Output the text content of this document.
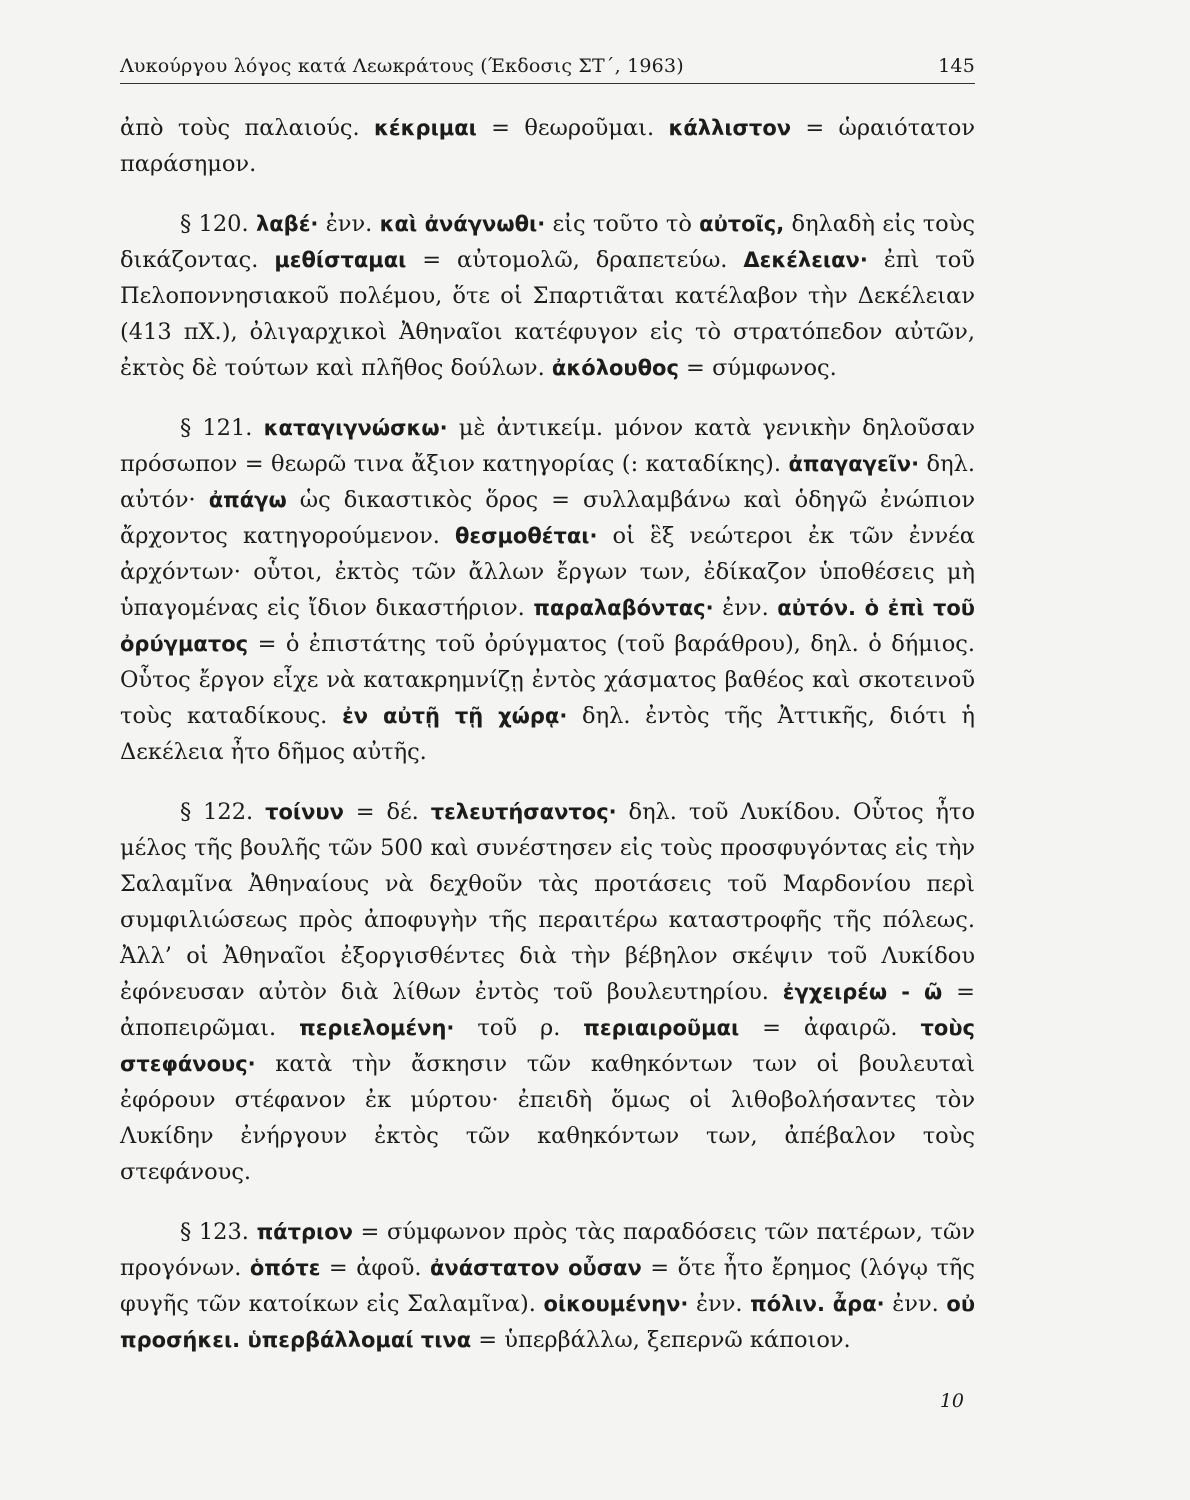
Λυκούργου λόγος κατά Λεωκράτους (Έκδοσις ΣΤ΄, 1963)	145

ἀπὸ τοὺς παλαιούς. κέκριμαι = θεωροῦμαι. κάλλιστον = ὡραιότατον παράσημον.

§ 120. λαβέ· ἐνν. καὶ ἀνάγνωθι· εἰς τοῦτο τὸ αὐτοῖς, δηλαδὴ εἰς τοὺς δικάζοντας. μεθίσταμαι = αὐτομολῶ, δραπετεύω. Δεκέλειαν· ἐπὶ τοῦ Πελοποννησιακοῦ πολέμου, ὅτε οἱ Σπαρτιᾶται κατέλαβον τὴν Δεκέλειαν (413 πΧ.), ὀλιγαρχικοὶ Ἀθηναῖοι κατέφυγον εἰς τὸ στρατόπεδον αὐτῶν, ἐκτὸς δὲ τούτων καὶ πλῆθος δούλων. ἀκόλουθος = σύμφωνος.

§ 121. καταγιγνώσκω· μὲ ἀντικείμ. μόνον κατὰ γενικὴν δηλοῦσαν πρόσωπον = θεωρῶ τινα ἄξιον κατηγορίας (: καταδίκης). ἀπαγαγεῖν· δηλ. αὐτόν· ἀπάγω ὡς δικαστικὸς ὅρος = συλλαμβάνω καὶ ὁδηγῶ ἐνώπιον ἄρχοντος κατηγορούμενον. θεσμοθέται· οἱ ἓξ νεώτεροι ἐκ τῶν ἐννέα ἀρχόντων· οὗτοι, ἐκτὸς τῶν ἄλλων ἔργων των, ἐδίκαζον ὑποθέσεις μὴ ὑπαγομένας εἰς ἴδιον δικαστήριον. παραλαβόντας· ἐνν. αὐτόν. ὁ ἐπὶ τοῦ ὀρύγματος = ὁ ἐπιστάτης τοῦ ὀρύγματος (τοῦ βαράθρου), δηλ. ὁ δήμιος. Οὗτος ἔργον εἶχε νὰ κατακρημνίζῃ ἐντὸς χάσματος βαθέος καὶ σκοτεινοῦ τοὺς καταδίκους. ἐν αὐτῇ τῇ χώρᾳ· δηλ. ἐντὸς τῆς Ἀττικῆς, διότι ἡ Δεκέλεια ἦτο δῆμος αὐτῆς.

§ 122. τοίνυν = δέ. τελευτήσαντος· δηλ. τοῦ Λυκίδου. Οὗτος ἦτο μέλος τῆς βουλῆς τῶν 500 καὶ συνέστησεν εἰς τοὺς προσφυγόντας εἰς τὴν Σαλαμῖνα Ἀθηναίους νὰ δεχθοῦν τὰς προτάσεις τοῦ Μαρδονίου περὶ συμφιλιώσεως πρὸς ἀποφυγὴν τῆς περαιτέρω καταστροφῆς τῆς πόλεως. Ἀλλ’ οἱ Ἀθηναῖοι ἐξοργισθέντες διὰ τὴν βέβηλον σκέψιν τοῦ Λυκίδου ἐφόνευσαν αὐτὸν διὰ λίθων ἐντὸς τοῦ βουλευτηρίου. ἐγχειρέω - ῶ = ἀποπειρῶμαι. περιελομένη· τοῦ ρ. περιαιροῦμαι = ἀφαιρῶ. τοὺς στεφάνους· κατὰ τὴν ἄσκησιν τῶν καθηκόντων των οἱ βουλευταὶ ἐφόρουν στέφανον ἐκ μύρτου· ἐπειδὴ ὅμως οἱ λιθοβολήσαντες τὸν Λυκίδην ἐνήργουν ἐκτὸς τῶν καθηκόντων των, ἀπέβαλον τοὺς στεφάνους.

§ 123. πάτριον = σύμφωνον πρὸς τὰς παραδόσεις τῶν πατέρων, τῶν προγόνων. ὁπότε = ἀφοῦ. ἀνάστατον οὖσαν = ὅτε ἦτο ἔρημος (λόγῳ τῆς φυγῆς τῶν κατοίκων εἰς Σαλαμῖνα). οἰκουμένην· ἐνν. πόλιν. ἆρα· ἐνν. οὐ προσήκει. ὑπερβάλλομαί τινα = ὑπερβάλλω, ξεπερνῶ κάποιον.

10
